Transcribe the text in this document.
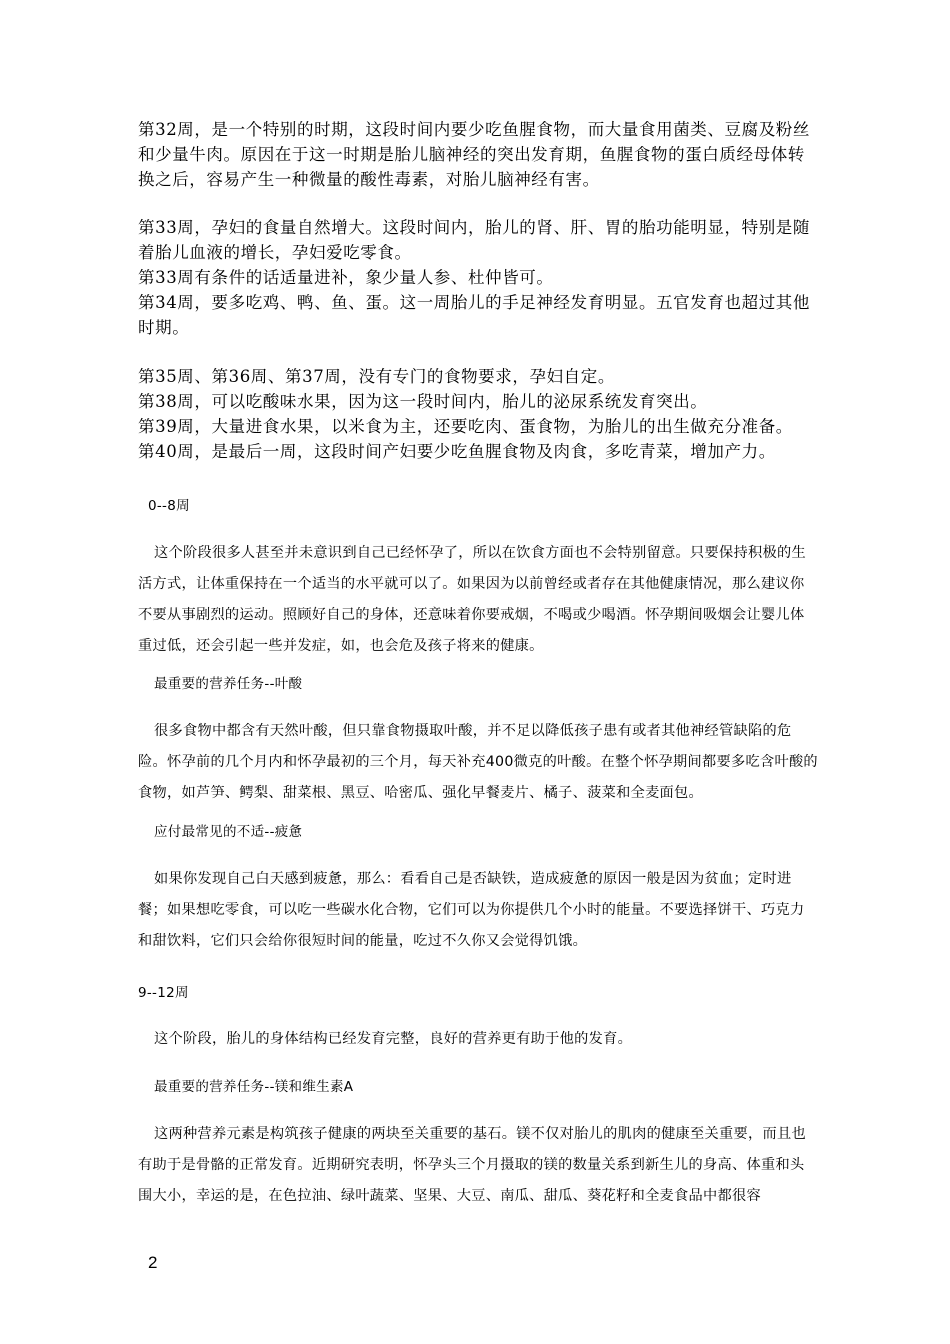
第32周，是一个特别的时期，这段时间内要少吃鱼腥食物，而大量食用菌类、豆腐及粉丝和少量牛肉。原因在于这一时期是胎儿脑神经的突出发育期，鱼腥食物的蛋白质经母体转换之后，容易产生一种微量的酸性毒素，对胎儿脑神经有害。

第33周，孕妇的食量自然增大。这段时间内，胎儿的肾、肝、胃的胎功能明显，特别是随着胎儿血液的增长，孕妇爱吃零食。

第33周有条件的话适量进补，象少量人参、杜仲皆可。

第34周，要多吃鸡、鸭、鱼、蛋。这一周胎儿的手足神经发育明显。五官发育也超过其他时期。

第35周、第36周、第37周，没有专门的食物要求，孕妇自定。

第38周，可以吃酸味水果，因为这一段时间内，胎儿的泌尿系统发育突出。

第39周，大量进食水果，以米食为主，还要吃肉、蛋食物，为胎儿的出生做充分准备。

第40周，是最后一周，这段时间产妇要少吃鱼腥食物及肉食，多吃青菜，增加产力。

0--8周

这个阶段很多人甚至并未意识到自己已经怀孕了，所以在饮食方面也不会特别留意。只要保持积极的生活方式，让体重保持在一个适当的水平就可以了。如果因为以前曾经或者存在其他健康情况，那么建议你不要从事剧烈的运动。照顾好自己的身体，还意味着你要戒烟，不喝或少喝酒。怀孕期间吸烟会让婴儿体重过低，还会引起一些并发症，如，也会危及孩子将来的健康。

最重要的营养任务--叶酸

很多食物中都含有天然叶酸，但只靠食物摄取叶酸，并不足以降低孩子患有或者其他神经管缺陷的危险。怀孕前的几个月内和怀孕最初的三个月，每天补充400微克的叶酸。在整个怀孕期间都要多吃含叶酸的食物，如芦笋、鳄梨、甜菜根、黑豆、哈密瓜、强化早餐麦片、橘子、菠菜和全麦面包。

应付最常见的不适--疲惫

如果你发现自己白天感到疲惫，那么：看看自己是否缺铁，造成疲惫的原因一般是因为贫血；定时进餐；如果想吃零食，可以吃一些碳水化合物，它们可以为你提供几个小时的能量。不要选择饼干、巧克力和甜饮料，它们只会给你很短时间的能量，吃过不久你又会觉得饥饿。

9--12周

这个阶段，胎儿的身体结构已经发育完整，良好的营养更有助于他的发育。

最重要的营养任务--镁和维生素A

这两种营养元素是构筑孩子健康的两块至关重要的基石。镁不仅对胎儿的肌肉的健康至关重要，而且也有助于是骨骼的正常发育。近期研究表明，怀孕头三个月摄取的镁的数量关系到新生儿的身高、体重和头围大小，幸运的是，在色拉油、绿叶蔬菜、坚果、大豆、南瓜、甜瓜、葵花籽和全麦食品中都很容

2
